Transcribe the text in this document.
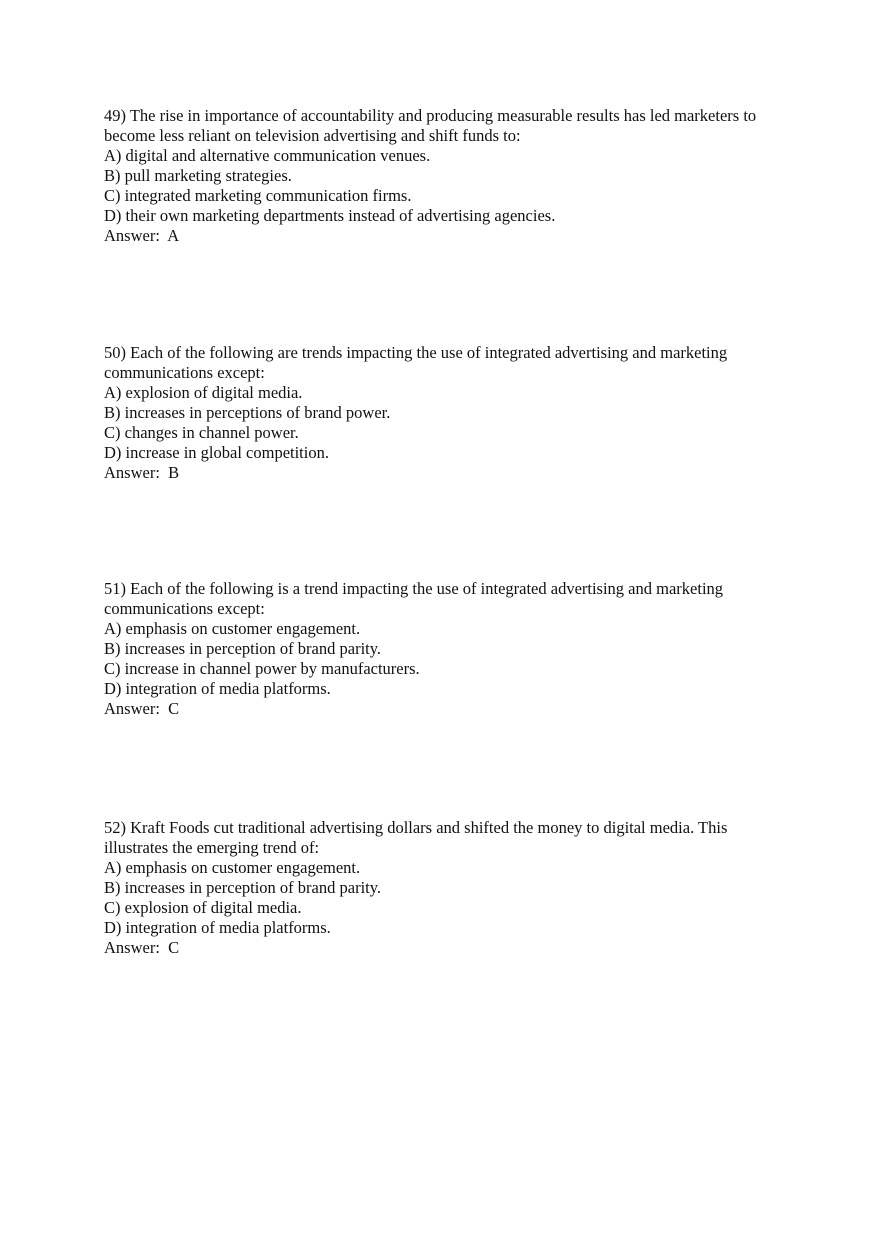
49) The rise in importance of accountability and producing measurable results has led marketers to become less reliant on television advertising and shift funds to:
A) digital and alternative communication venues.
B) pull marketing strategies.
C) integrated marketing communication firms.
D) their own marketing departments instead of advertising agencies.
Answer:  A
50) Each of the following are trends impacting the use of integrated advertising and marketing communications except:
A) explosion of digital media.
B) increases in perceptions of brand power.
C) changes in channel power.
D) increase in global competition.
Answer:  B
51) Each of the following is a trend impacting the use of integrated advertising and marketing communications except:
A) emphasis on customer engagement.
B) increases in perception of brand parity.
C) increase in channel power by manufacturers.
D) integration of media platforms.
Answer:  C
52) Kraft Foods cut traditional advertising dollars and shifted the money to digital media. This illustrates the emerging trend of:
A) emphasis on customer engagement.
B) increases in perception of brand parity.
C) explosion of digital media.
D) integration of media platforms.
Answer:  C
